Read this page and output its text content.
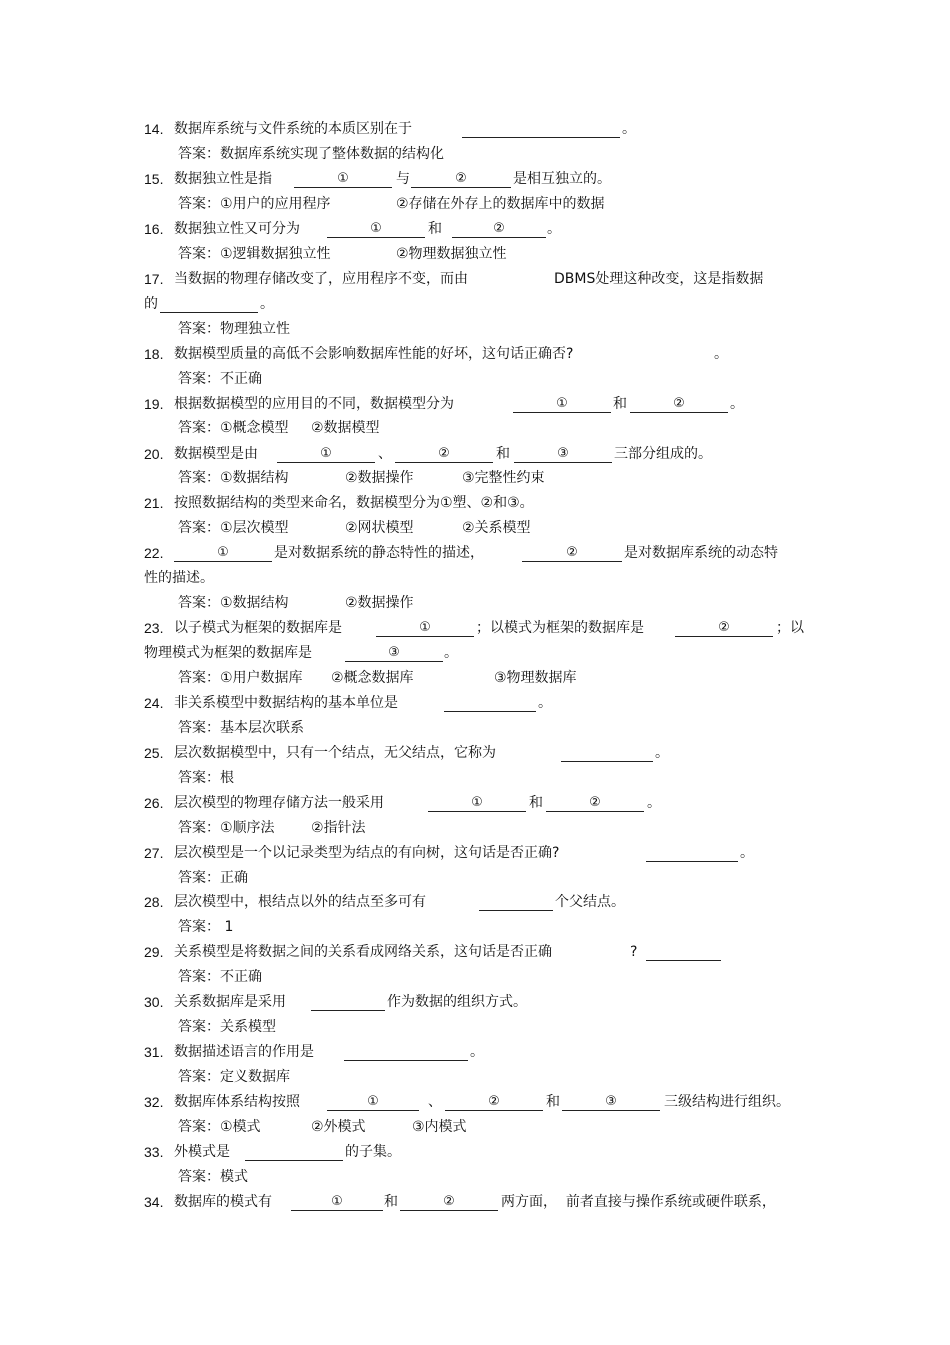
14. 数据库系统与文件系统的本质区别在于	。
答案：数据库系统实现了整体数据的结构化
15. 数据独立性是指	①	与	②	是相互独立的。
答案：①用户的应用程序	②存储在外存上的数据库中的数据
16. 数据独立性又可分为	①	和	②	。
答案：①逻辑数据独立性	②物理数据独立性
17. 当数据的物理存储改变了，应用程序不变，而由	DBMS处理这种改变，这是指数据
的	。
答案：物理独立性
18. 数据模型质量的高低不会影响数据库性能的好坏，这句话正确否?	。
答案：不正确
19. 根据数据模型的应用目的不同，数据模型分为	①	和	②	。
答案：①概念模型 ②数据模型
20. 数据模型是由	①	、	②	和	③	三部分组成的。
答案：①数据结构	②数据操作	③完整性约束
21. 按照数据结构的类型来命名，数据模型分为①塑、②和③。
答案：①层次模型	②网状模型	②关系模型
22.	①	是对数据系统的静态特性的描述，	②	是对数据库系统的动态特
性的描述。
答案：①数据结构	②数据操作
23. 以子模式为框架的数据库是	①	；以模式为框架的数据库是	②	；以
物理模式为框架的数据库是	③	。
答案：①用户数据库 ②概念数据库	③物理数据库
24. 非关系模型中数据结构的基本单位是	。
答案：基本层次联系
25. 层次数据模型中，只有一个结点，无父结点，它称为	。
答案：根
26. 层次模型的物理存储方法一般采用	①	和	②	。
答案：①顺序法	②指针法
27. 层次模型是一个以记录类型为结点的有向树，这句话是否正确?	。
答案：正确
28. 层次模型中，根结点以外的结点至多可有	个父结点。
答案： 1
29. 关系模型是将数据之间的关系看成网络关系，这句话是否正确	?
答案：不正确
30. 关系数据库是采用	作为数据的组织方式。
答案：关系模型
31. 数据描述语言的作用是	。
答案：定义数据库
32. 数据库体系结构按照	①	、	②	和	③	三级结构进行组织。
答案：①模式	②外模式	③内模式
33. 外模式是	的子集。
答案：模式
34. 数据库的模式有	①	和	②	两方面，  前者直接与操作系统或硬件联系，
